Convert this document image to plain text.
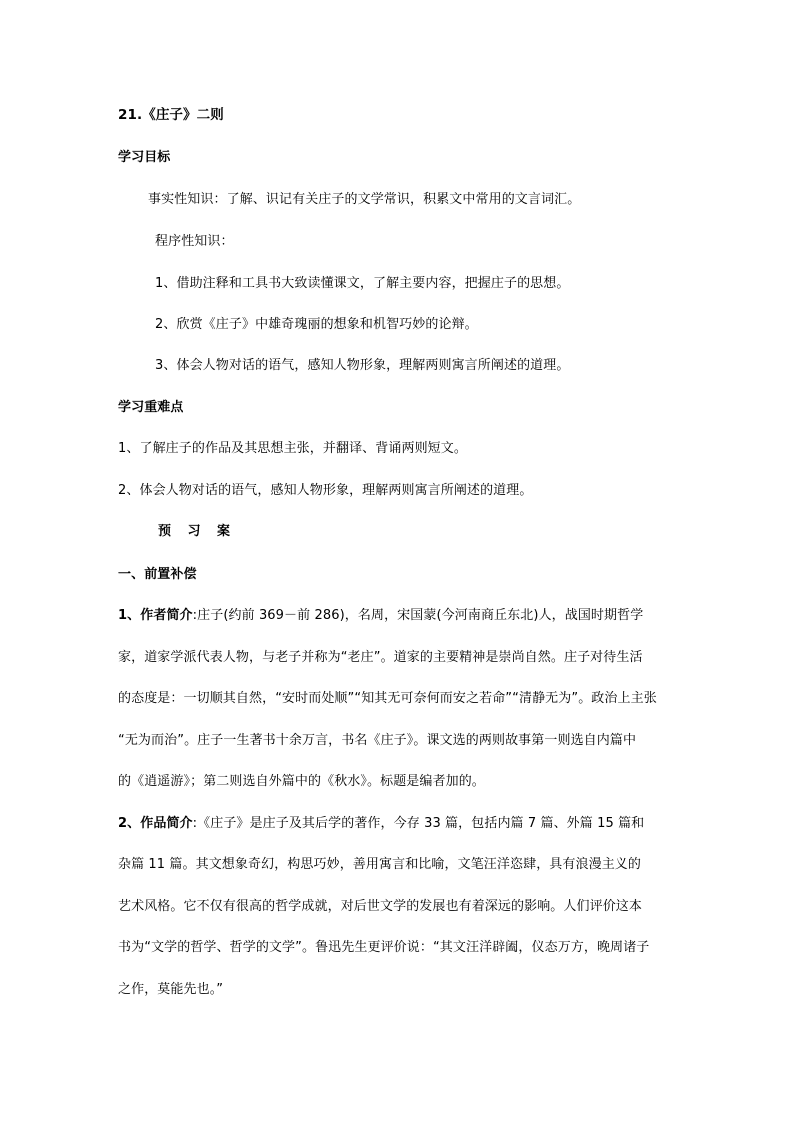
21.《庄子》二则
学习目标
事实性知识：了解、识记有关庄子的文学常识，积累文中常用的文言词汇。
程序性知识：
1、借助注释和工具书大致读懂课文，了解主要内容，把握庄子的思想。
2、欣赏《庄子》中雄奇瑰丽的想象和机智巧妙的论辩。
3、体会人物对话的语气，感知人物形象，理解两则寓言所阐述的道理。
学习重难点
1、了解庄子的作品及其思想主张，并翻译、背诵两则短文。
2、体会人物对话的语气，感知人物形象，理解两则寓言所阐述的道理。
预 习 案
一、前置补偿
1、作者简介:庄子(约前 369－前 286)，名周，宋国蒙(今河南商丘东北)人，战国时期哲学
家，道家学派代表人物，与老子并称为“老庄”。道家的主要精神是崇尚自然。庄子对待生活
的态度是：一切顺其自然，“安时而处顺”“知其无可奈何而安之若命”“清静无为”。政治上主张
“无为而治”。庄子一生著书十余万言，书名《庄子》。课文选的两则故事第一则选自内篇中
的《逍遥游》；第二则选自外篇中的《秋水》。标题是编者加的。
2、作品简介:《庄子》是庄子及其后学的著作，今存 33 篇，包括内篇 7 篇、外篇 15 篇和
杂篇 11 篇。其文想象奇幻，构思巧妙，善用寓言和比喻，文笔汪洋恣肆，具有浪漫主义的
艺术风格。它不仅有很高的哲学成就，对后世文学的发展也有着深远的影响。人们评价这本
书为“文学的哲学、哲学的文学”。鲁迅先生更评价说：“其文汪洋辟阖，仪态万方，晚周诸子
之作，莫能先也。”
